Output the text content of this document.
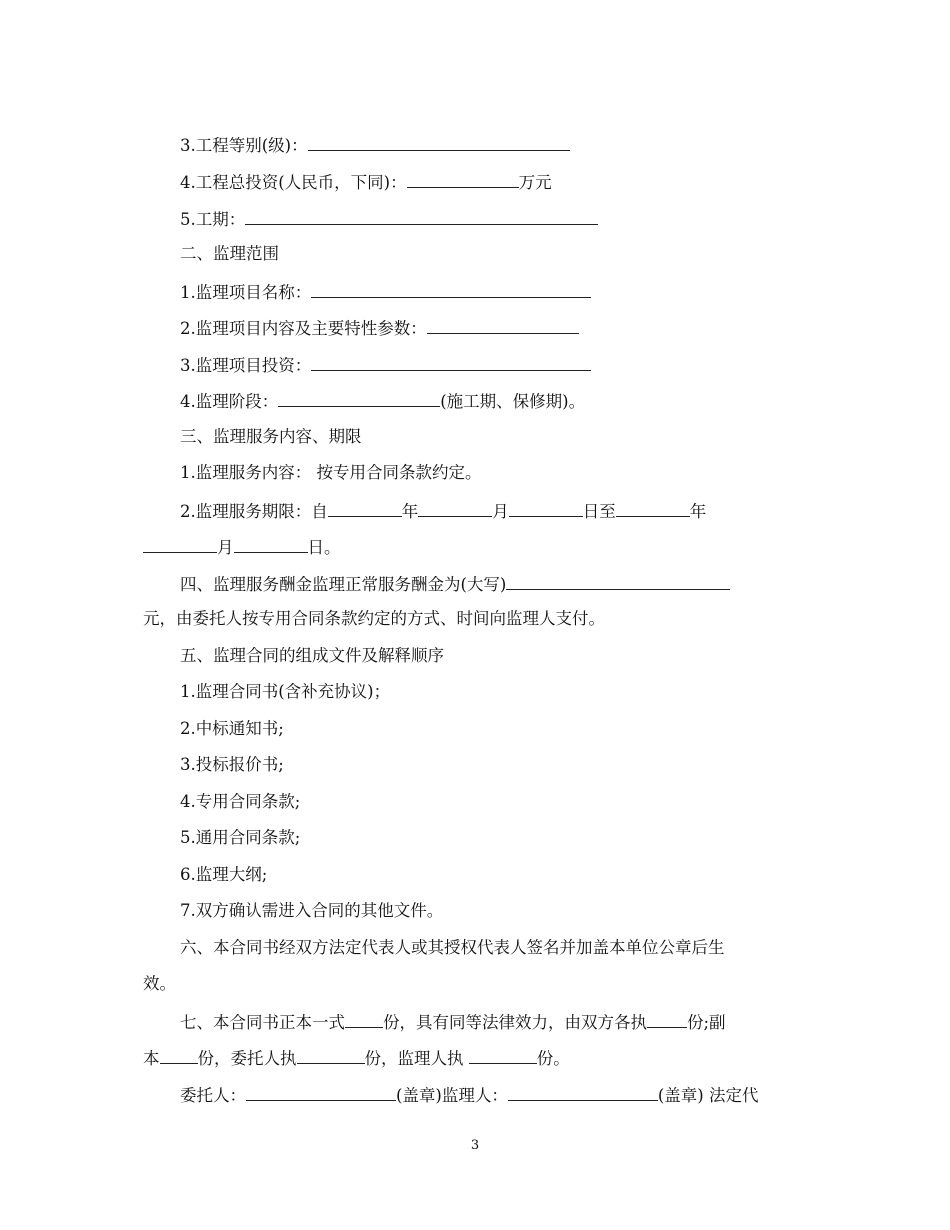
3.工程等别(级)：
4.工程总投资(人民币，下同)：	万元
5.工期：
二、监理范围
1.监理项目名称：
2.监理项目内容及主要特性参数：
3.监理项目投资：
4.监理阶段：	(施工期、保修期)。
三、监理服务内容、期限
1.监理服务内容： 按专用合同条款约定。
2.监理服务期限：自	年	月	日至	年
月	日。
四、监理服务酬金监理正常服务酬金为(大写)
元，由委托人按专用合同条款约定的方式、时间向监理人支付。
五、监理合同的组成文件及解释顺序
1.监理合同书(含补充协议)；
2.中标通知书;
3.投标报价书;
4.专用合同条款;
5.通用合同条款;
6.监理大纲;
7.双方确认需进入合同的其他文件。
六、本合同书经双方法定代表人或其授权代表人签名并加盖本单位公章后生
效。
七、本合同书正本一式 份，具有同等法律效力，由双方各执 份;副
本 份，委托人执	份，监理人执	份。
委托人：	(盖章)监理人：	(盖章) 法定代
3
